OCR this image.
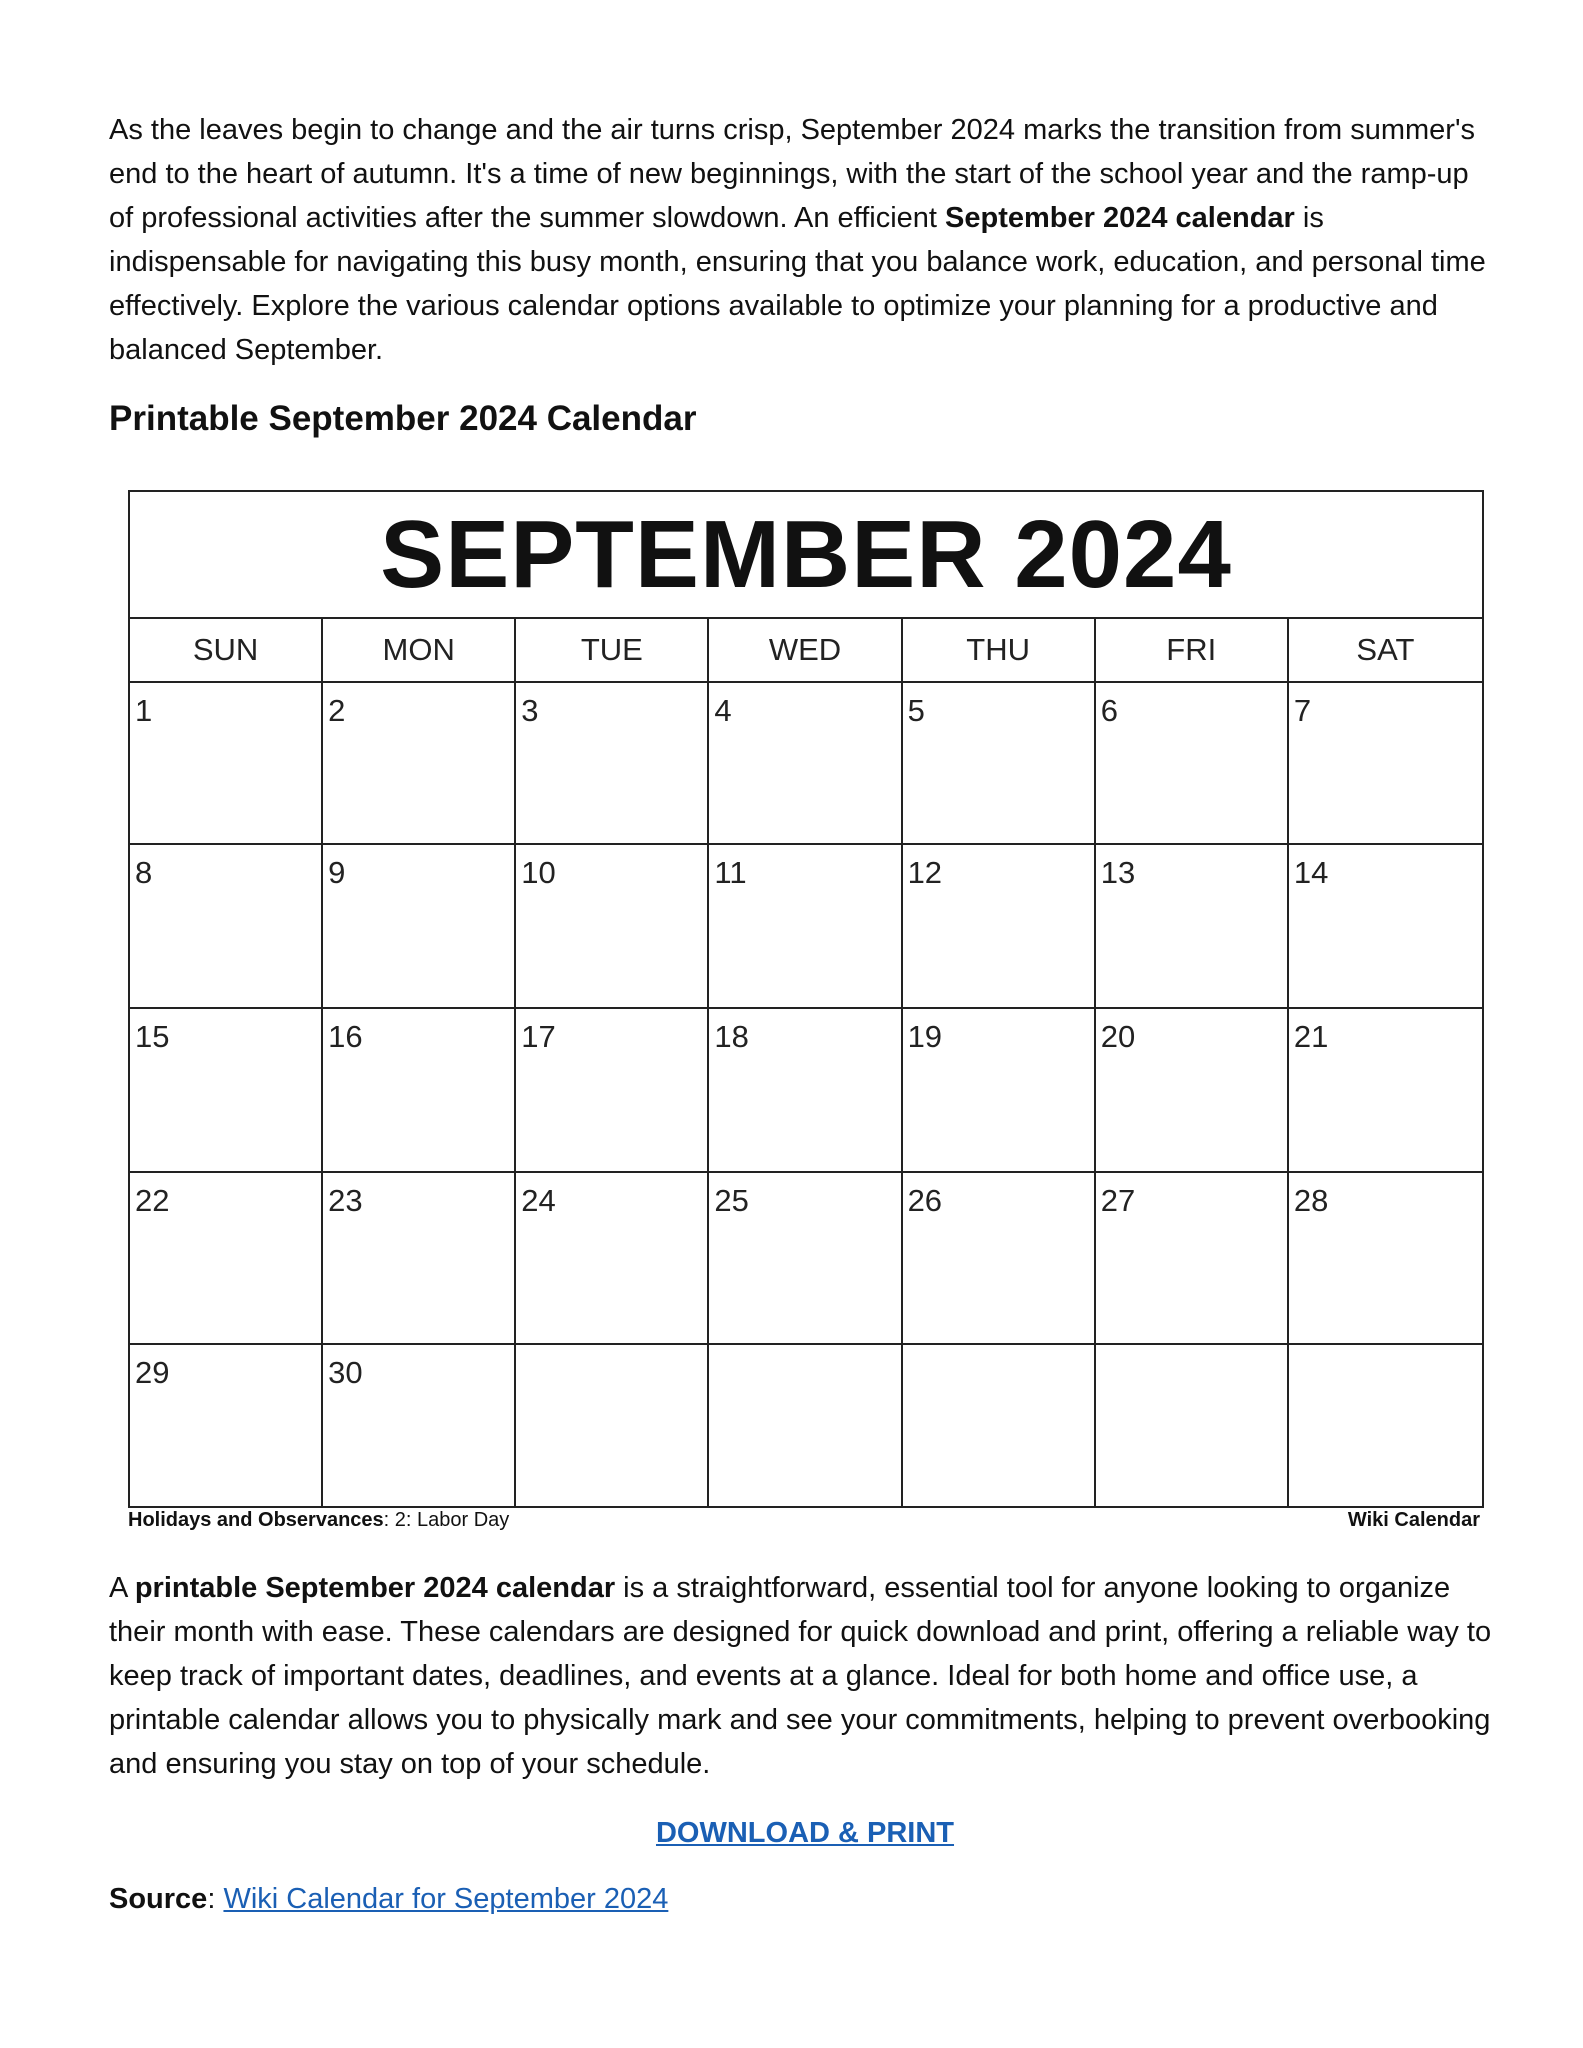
As the leaves begin to change and the air turns crisp, September 2024 marks the transition from summer's end to the heart of autumn. It's a time of new beginnings, with the start of the school year and the ramp-up of professional activities after the summer slowdown. An efficient September 2024 calendar is indispensable for navigating this busy month, ensuring that you balance work, education, and personal time effectively. Explore the various calendar options available to optimize your planning for a productive and balanced September.

Printable September 2024 Calendar
SEPTEMBER 2024
SUN	MON	TUE	WED	THU	FRI	SAT
1	2	3	4	5	6	7
8	9	10	11	12	13	14
15	16	17	18	19	20	21
22	23	24	25	26	27	28
29	30
Holidays and Observances: 2: Labor Day	Wiki Calendar

A printable September 2024 calendar is a straightforward, essential tool for anyone looking to organize their month with ease. These calendars are designed for quick download and print, offering a reliable way to keep track of important dates, deadlines, and events at a glance. Ideal for both home and office use, a printable calendar allows you to physically mark and see your commitments, helping to prevent overbooking and ensuring you stay on top of your schedule.

DOWNLOAD & PRINT
Source: Wiki Calendar for September 2024
